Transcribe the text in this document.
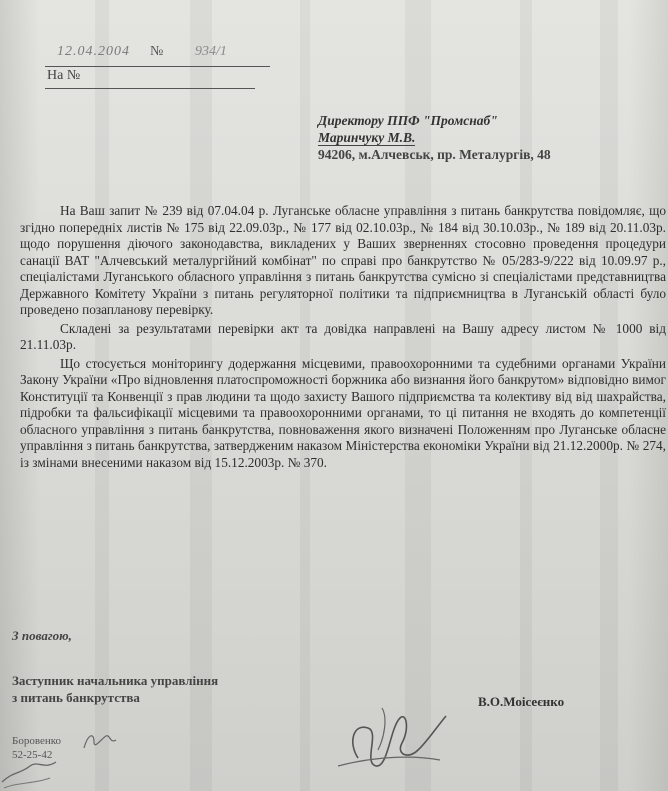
12.04.2004 № 934/1
На №
Директору ППФ "Промснаб"
Маринчуку М.В.
94206, м.Алчевськ, пр. Металургів, 48

На Ваш запит № 239 від 07.04.04 р. Луганське обласне управління з питань банкрутства повідомляє, що згідно попередніх листів № 175 від 22.09.03р., № 177 від 02.10.03р., № 184 від 30.10.03р., № 189 від 20.11.03р. щодо порушення діючого законодавства, викладених у Ваших зверненнях стосовно проведення процедури санації ВАТ "Алчевський металургійний комбінат" по справі про банкрутство № 05/283-9/222 від 10.09.97 р., спеціалістами Луганського обласного управління з питань банкрутства сумісно зі спеціалістами представництва Державного Комітету України з питань регуляторної політики та підприємництва в Луганській області було проведено позапланову перевірку.

Складені за результатами перевірки акт та довідка направлені на Вашу адресу листом № 1000 від 21.11.03р.

Що стосується моніторингу додержання місцевими, правоохоронними та судебними органами України Закону України «Про відновлення платоспроможності боржника або визнання його банкрутом» відповідно вимог Конституції та Конвенції з прав людини та щодо захисту Вашого підприємства та колективу від від шахрайства, підробки та фальсифікації місцевими та правоохоронними органами, то ці питання не входять до компетенції обласного управління з питань банкрутства, повноваження якого визначені Положенням про Луганське обласне управління з питань банкрутства, затвердженим наказом Міністерства економіки України від 21.12.2000р. № 274, із змінами внесеними наказом від 15.12.2003р. № 370.

З повагою,
Заступник начальника управління
з питань банкрутства	В.О.Моісеєнко
Боровенко
52-25-42
